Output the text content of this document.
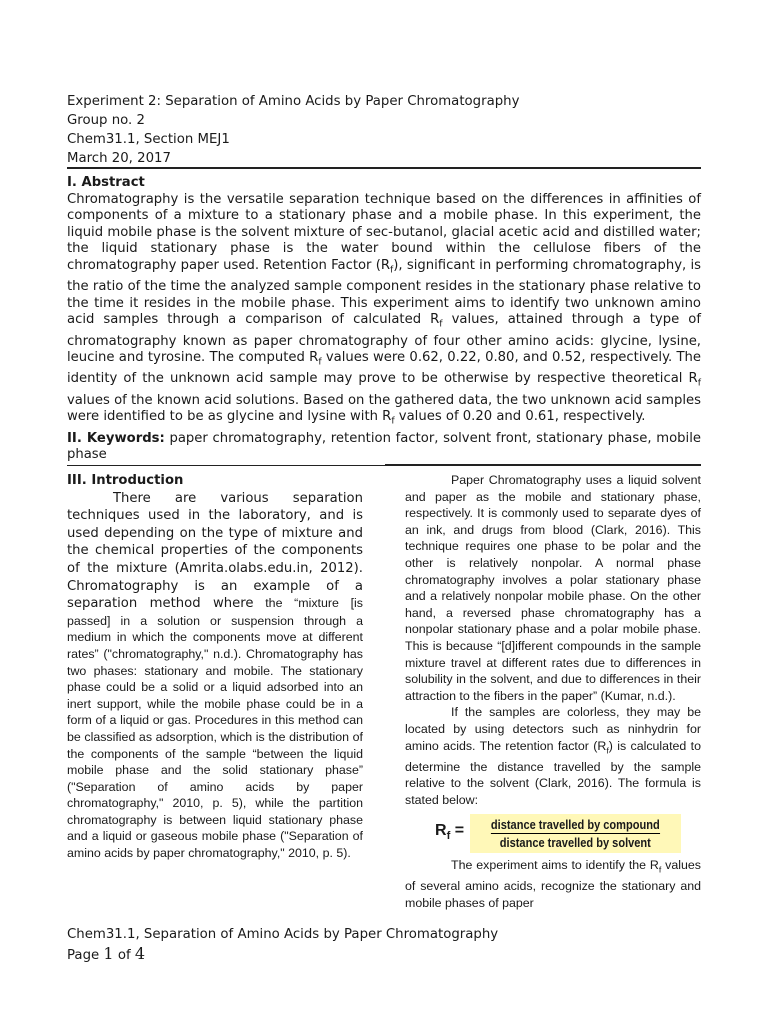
Experiment 2: Separation of Amino Acids by Paper Chromatography
Group no. 2
Chem31.1, Section MEJ1
March 20, 2017
I. Abstract

Chromatography is the versatile separation technique based on the differences in affinities of components of a mixture to a stationary phase and a mobile phase. In this experiment, the liquid mobile phase is the solvent mixture of sec-butanol, glacial acetic acid and distilled water; the liquid stationary phase is the water bound within the cellulose fibers of the chromatography paper used. Retention Factor $(R_f)$, significant in performing chromatography, is the ratio of the time the analyzed sample component resides in the stationary phase relative to the time it resides in the mobile phase. This experiment aims to identify two unknown amino acid samples through a comparison of calculated $R_f$ values, attained through a type of chromatography known as paper chromatography of four other amino acids: glycine, lysine, leucine and tyrosine. The computed $R_f$ values were 0.62, 0.22, 0.80, and 0.52, respectively. The identity of the unknown acid sample may prove to be otherwise by respective theoretical $R_f$ values of the known acid solutions. Based on the gathered data, the two unknown acid samples were identified to be as glycine and lysine with $R_f$ values of 0.20 and 0.61, respectively.

II. Keywords: paper chromatography, retention factor, solvent front, stationary phase, mobile phase

III. Introduction

There are various separation techniques used in the laboratory, and is used depending on the type of mixture and the chemical properties of the components of the mixture (Amrita.olabs.edu.in, 2012). Chromatography is an example of a separation method where the “mixture [is passed] in a solution or suspension through a medium in which the components move at different rates” ("chromatography," n.d.). Chromatography has two phases: stationary and mobile. The stationary phase could be a solid or a liquid adsorbed into an inert support, while the mobile phase could be in a form of a liquid or gas. Procedures in this method can be classified as adsorption, which is the distribution of the components of the sample “between the liquid mobile phase and the solid stationary phase” ("Separation of amino acids by paper chromatography," 2010, p. 5), while the partition chromatography is between liquid stationary phase and a liquid or gaseous mobile phase ("Separation of amino acids by paper chromatography," 2010, p. 5).

Paper Chromatography uses a liquid solvent and paper as the mobile and stationary phase, respectively. It is commonly used to separate dyes of an ink, and drugs from blood (Clark, 2016). This technique requires one phase to be polar and the other is relatively nonpolar. A normal phase chromatography involves a polar stationary phase and a relatively nonpolar mobile phase. On the other hand, a reversed phase chromatography has a nonpolar stationary phase and a polar mobile phase. This is because “[d]ifferent compounds in the sample mixture travel at different rates due to differences in solubility in the solvent, and due to differences in their attraction to the fibers in the paper” (Kumar, n.d.).

If the samples are colorless, they may be located by using detectors such as ninhydrin for amino acids. The retention factor $(R_f)$ is calculated to determine the distance travelled by the sample relative to the solvent (Clark, 2016). The formula is stated below:

$R_f = \frac{\text{distance travelled by compound}}{\text{distance travelled by solvent}}$

The experiment aims to identify the $R_f$ values of several amino acids, recognize the stationary and mobile phases of paper

Chem31.1, Separation of Amino Acids by Paper Chromatography
Page 1 of 4
